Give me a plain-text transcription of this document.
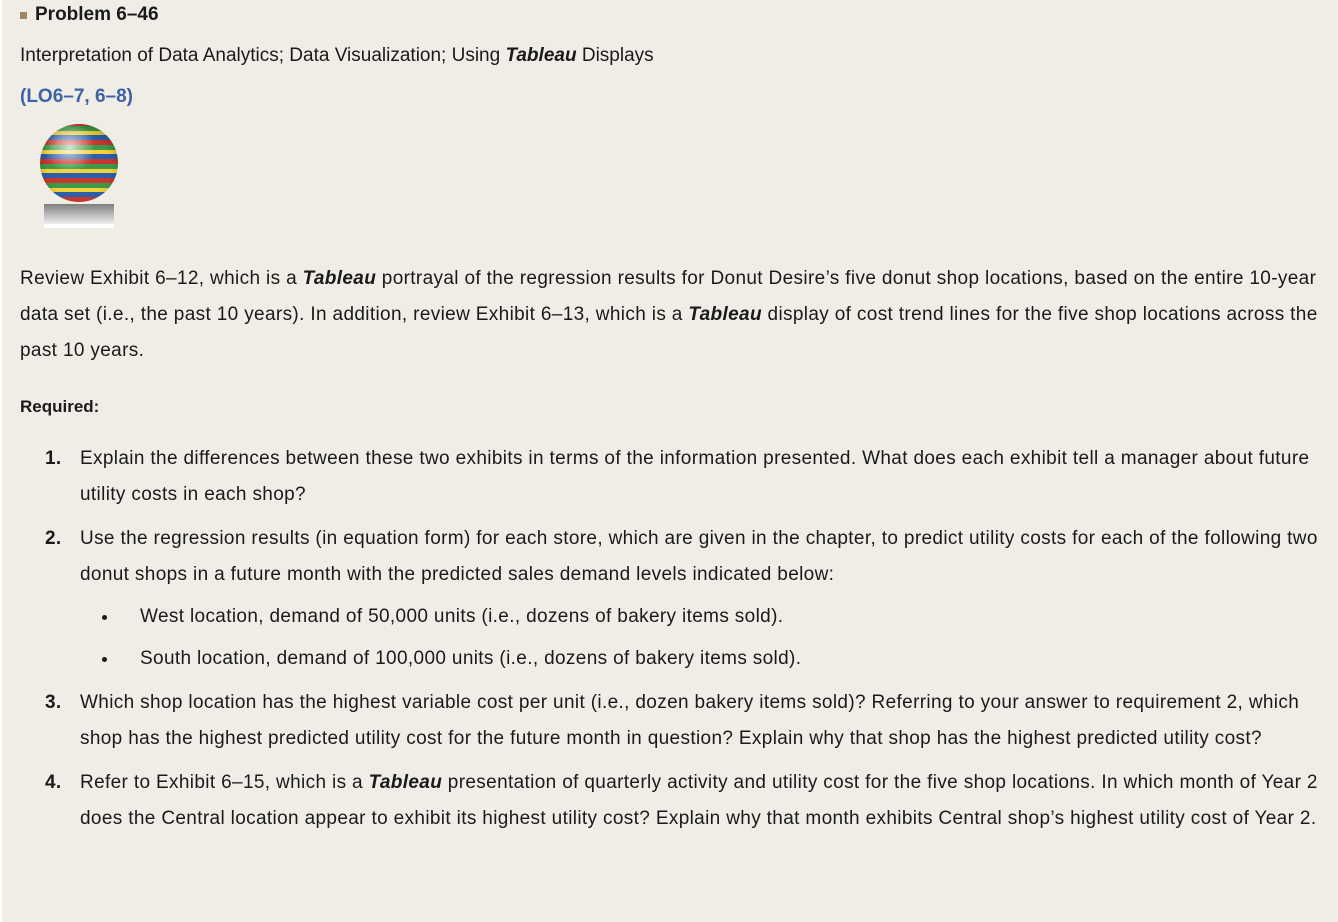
Problem 6–46
Interpretation of Data Analytics; Data Visualization; Using Tableau Displays
(LO6–7, 6–8)
Review Exhibit 6–12, which is a Tableau portrayal of the regression results for Donut Desire’s five donut shop locations, based on the entire 10-year data set (i.e., the past 10 years). In addition, review Exhibit 6–13, which is a Tableau display of cost trend lines for the five shop locations across the past 10 years.
Required:
1. Explain the differences between these two exhibits in terms of the information presented. What does each exhibit tell a manager about future utility costs in each shop?
2. Use the regression results (in equation form) for each store, which are given in the chapter, to predict utility costs for each of the following two donut shops in a future month with the predicted sales demand levels indicated below:
West location, demand of 50,000 units (i.e., dozens of bakery items sold).
South location, demand of 100,000 units (i.e., dozens of bakery items sold).
3. Which shop location has the highest variable cost per unit (i.e., dozen bakery items sold)? Referring to your answer to requirement 2, which shop has the highest predicted utility cost for the future month in question? Explain why that shop has the highest predicted utility cost?
4. Refer to Exhibit 6–15, which is a Tableau presentation of quarterly activity and utility cost for the five shop locations. In which month of Year 2 does the Central location appear to exhibit its highest utility cost? Explain why that month exhibits Central shop’s highest utility cost of Year 2.
